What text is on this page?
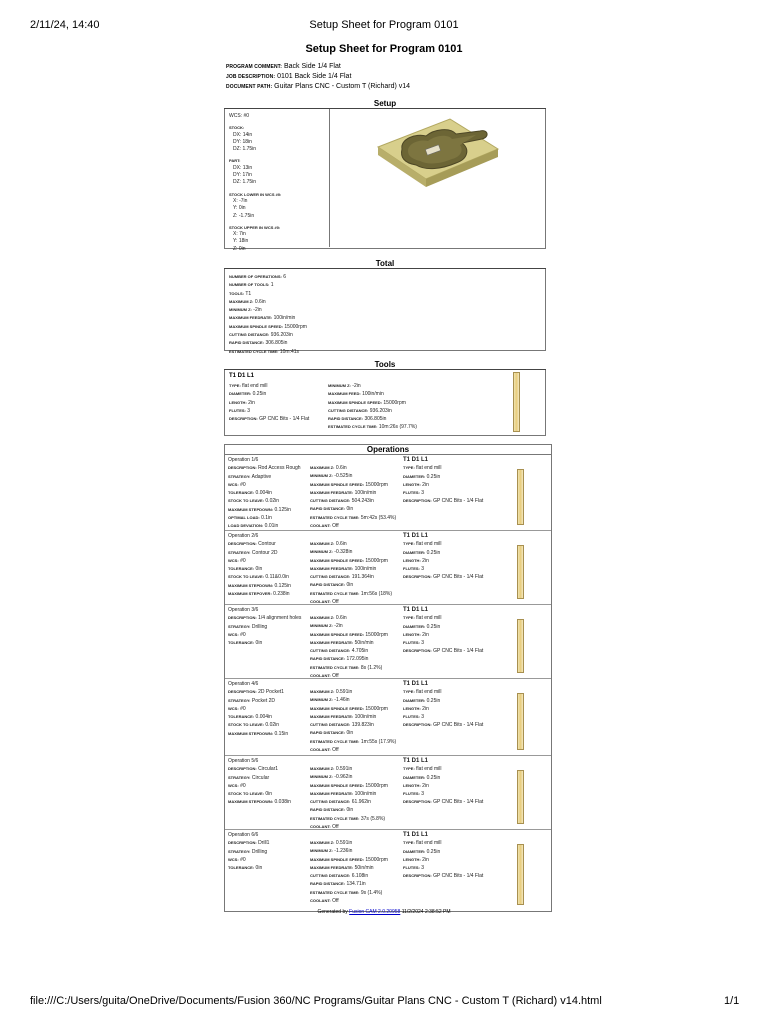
2/11/24, 14:40	Setup Sheet for Program 0101
Setup Sheet for Program 0101
PROGRAM COMMENT: Back Side 1/4 Flat
JOB DESCRIPTION: 0101 Back Side 1/4 Flat
DOCUMENT PATH: Guitar Plans CNC - Custom T (Richard) v14
Setup
WCS: #0
STOCK:
DX: 14in
DY: 18in
DZ: 1.75in
PART:
DX: 13in
DY: 17in
DZ: 1.75in
STOCK LOWER IN WCS #0:
X: -7in
Y: 0in
Z: -1.75in
STOCK UPPER IN WCS #0:
X: 7in
Y: 18in
Z: 0in
Total
NUMBER OF OPERATIONS: 6
NUMBER OF TOOLS: 1
TOOLS: T1
MAXIMUM Z: 0.6in
MINIMUM Z: -2in
MAXIMUM FEEDRATE: 100in/min
MAXIMUM SPINDLE SPEED: 15000rpm
CUTTING DISTANCE: 936.203in
RAPID DISTANCE: 306.805in
ESTIMATED CYCLE TIME: 10m:41s
Tools
T1 D1 L1
TYPE: flat end mill
DIAMETER: 0.25in
LENGTH: 2in
FLUTES: 3
DESCRIPTION: GP CNC Bits - 1/4 Flat
MINIMUM Z: -2in
MAXIMUM FEED: 100in/min
MAXIMUM SPINDLE SPEED: 15000rpm
CUTTING DISTANCE: 936.203in
RAPID DISTANCE: 306.805in
ESTIMATED CYCLE TIME: 10m:26s (97.7%)
Operations
Operation 1/6
DESCRIPTION: Rod Access Rough
STRATEGY: Adaptive
WCS: #0
TOLERANCE: 0.004in
STOCK TO LEAVE: 0.02in
MAXIMUM STEPDOWN: 0.125in
OPTIMAL LOAD: 0.1in
LOAD DEVIATION: 0.01in
MAXIMUM Z: 0.6in
MINIMUM Z: -0.525in
MAXIMUM SPINDLE SPEED: 15000rpm
MAXIMUM FEEDRATE: 100in/min
CUTTING DISTANCE: 504.243in
RAPID DISTANCE: 0in
ESTIMATED CYCLE TIME: 5m:42s (53.4%)
COOLANT: Off
T1 D1 L1
TYPE: flat end mill
DIAMETER: 0.25in
LENGTH: 2in
FLUTES: 3
DESCRIPTION: GP CNC Bits - 1/4 Flat
Operation 2/6
DESCRIPTION: Contour
STRATEGY: Contour 2D
WCS: #0
TOLERANCE: 0in
STOCK TO LEAVE: 0.11&0.0in
MAXIMUM STEPDOWN: 0.125in
MAXIMUM STEPOVER: 0.238in
MAXIMUM Z: 0.6in
MINIMUM Z: -0.328in
MAXIMUM SPINDLE SPEED: 15000rpm
MAXIMUM FEEDRATE: 100in/min
CUTTING DISTANCE: 191.364in
RAPID DISTANCE: 0in
ESTIMATED CYCLE TIME: 1m:56s (18%)
COOLANT: Off
T1 D1 L1
TYPE: flat end mill
DIAMETER: 0.25in
LENGTH: 2in
FLUTES: 3
DESCRIPTION: GP CNC Bits - 1/4 Flat
Operation 3/6
DESCRIPTION: 1/4 alignment holes
STRATEGY: Drilling
WCS: #0
TOLERANCE: 0in
MAXIMUM Z: 0.6in
MINIMUM Z: -2in
MAXIMUM SPINDLE SPEED: 15000rpm
MAXIMUM FEEDRATE: 50in/min
CUTTING DISTANCE: 4.705in
RAPID DISTANCE: 172.095in
ESTIMATED CYCLE TIME: 8s (1.2%)
COOLANT: Off
T1 D1 L1
TYPE: flat end mill
DIAMETER: 0.25in
LENGTH: 2in
FLUTES: 3
DESCRIPTION: GP CNC Bits - 1/4 Flat
Operation 4/6
DESCRIPTION: 2D Pocket1
STRATEGY: Pocket 2D
WCS: #0
TOLERANCE: 0.004in
STOCK TO LEAVE: 0.02in
MAXIMUM STEPDOWN: 0.15in
MAXIMUM Z: 0.591in
MINIMUM Z: -1.46in
MAXIMUM SPINDLE SPEED: 15000rpm
MAXIMUM FEEDRATE: 100in/min
CUTTING DISTANCE: 139.823in
RAPID DISTANCE: 0in
ESTIMATED CYCLE TIME: 1m:55s (17.9%)
COOLANT: Off
T1 D1 L1
TYPE: flat end mill
DIAMETER: 0.25in
LENGTH: 2in
FLUTES: 3
DESCRIPTION: GP CNC Bits - 1/4 Flat
Operation 5/6
DESCRIPTION: Circular1
STRATEGY: Circular
WCS: #0
STOCK TO LEAVE: 0in
MAXIMUM STEPDOWN: 0.038in
MAXIMUM Z: 0.591in
MINIMUM Z: -0.962in
MAXIMUM SPINDLE SPEED: 15000rpm
MAXIMUM FEEDRATE: 100in/min
CUTTING DISTANCE: 61.962in
RAPID DISTANCE: 0in
ESTIMATED CYCLE TIME: 37s (5.8%)
COOLANT: Off
T1 D1 L1
TYPE: flat end mill
DIAMETER: 0.25in
LENGTH: 2in
FLUTES: 3
DESCRIPTION: GP CNC Bits - 1/4 Flat
Operation 6/6
DESCRIPTION: Drill1
STRATEGY: Drilling
WCS: #0
TOLERANCE: 0in
MAXIMUM Z: 0.591in
MINIMUM Z: -1.236in
MAXIMUM SPINDLE SPEED: 15000rpm
MAXIMUM FEEDRATE: 50in/min
CUTTING DISTANCE: 6.108in
RAPID DISTANCE: 134.71in
ESTIMATED CYCLE TIME: 9s (1.4%)
COOLANT: Off
T1 D1 L1
TYPE: flat end mill
DIAMETER: 0.25in
LENGTH: 2in
FLUTES: 3
DESCRIPTION: GP CNC Bits - 1/4 Flat
Generated by Fusion CAM 2.0.20958 11/2/2024 2:38:52 PM
file:///C:/Users/guita/OneDrive/Documents/Fusion 360/NC Programs/Guitar Plans CNC - Custom T (Richard) v14.html	1/1
